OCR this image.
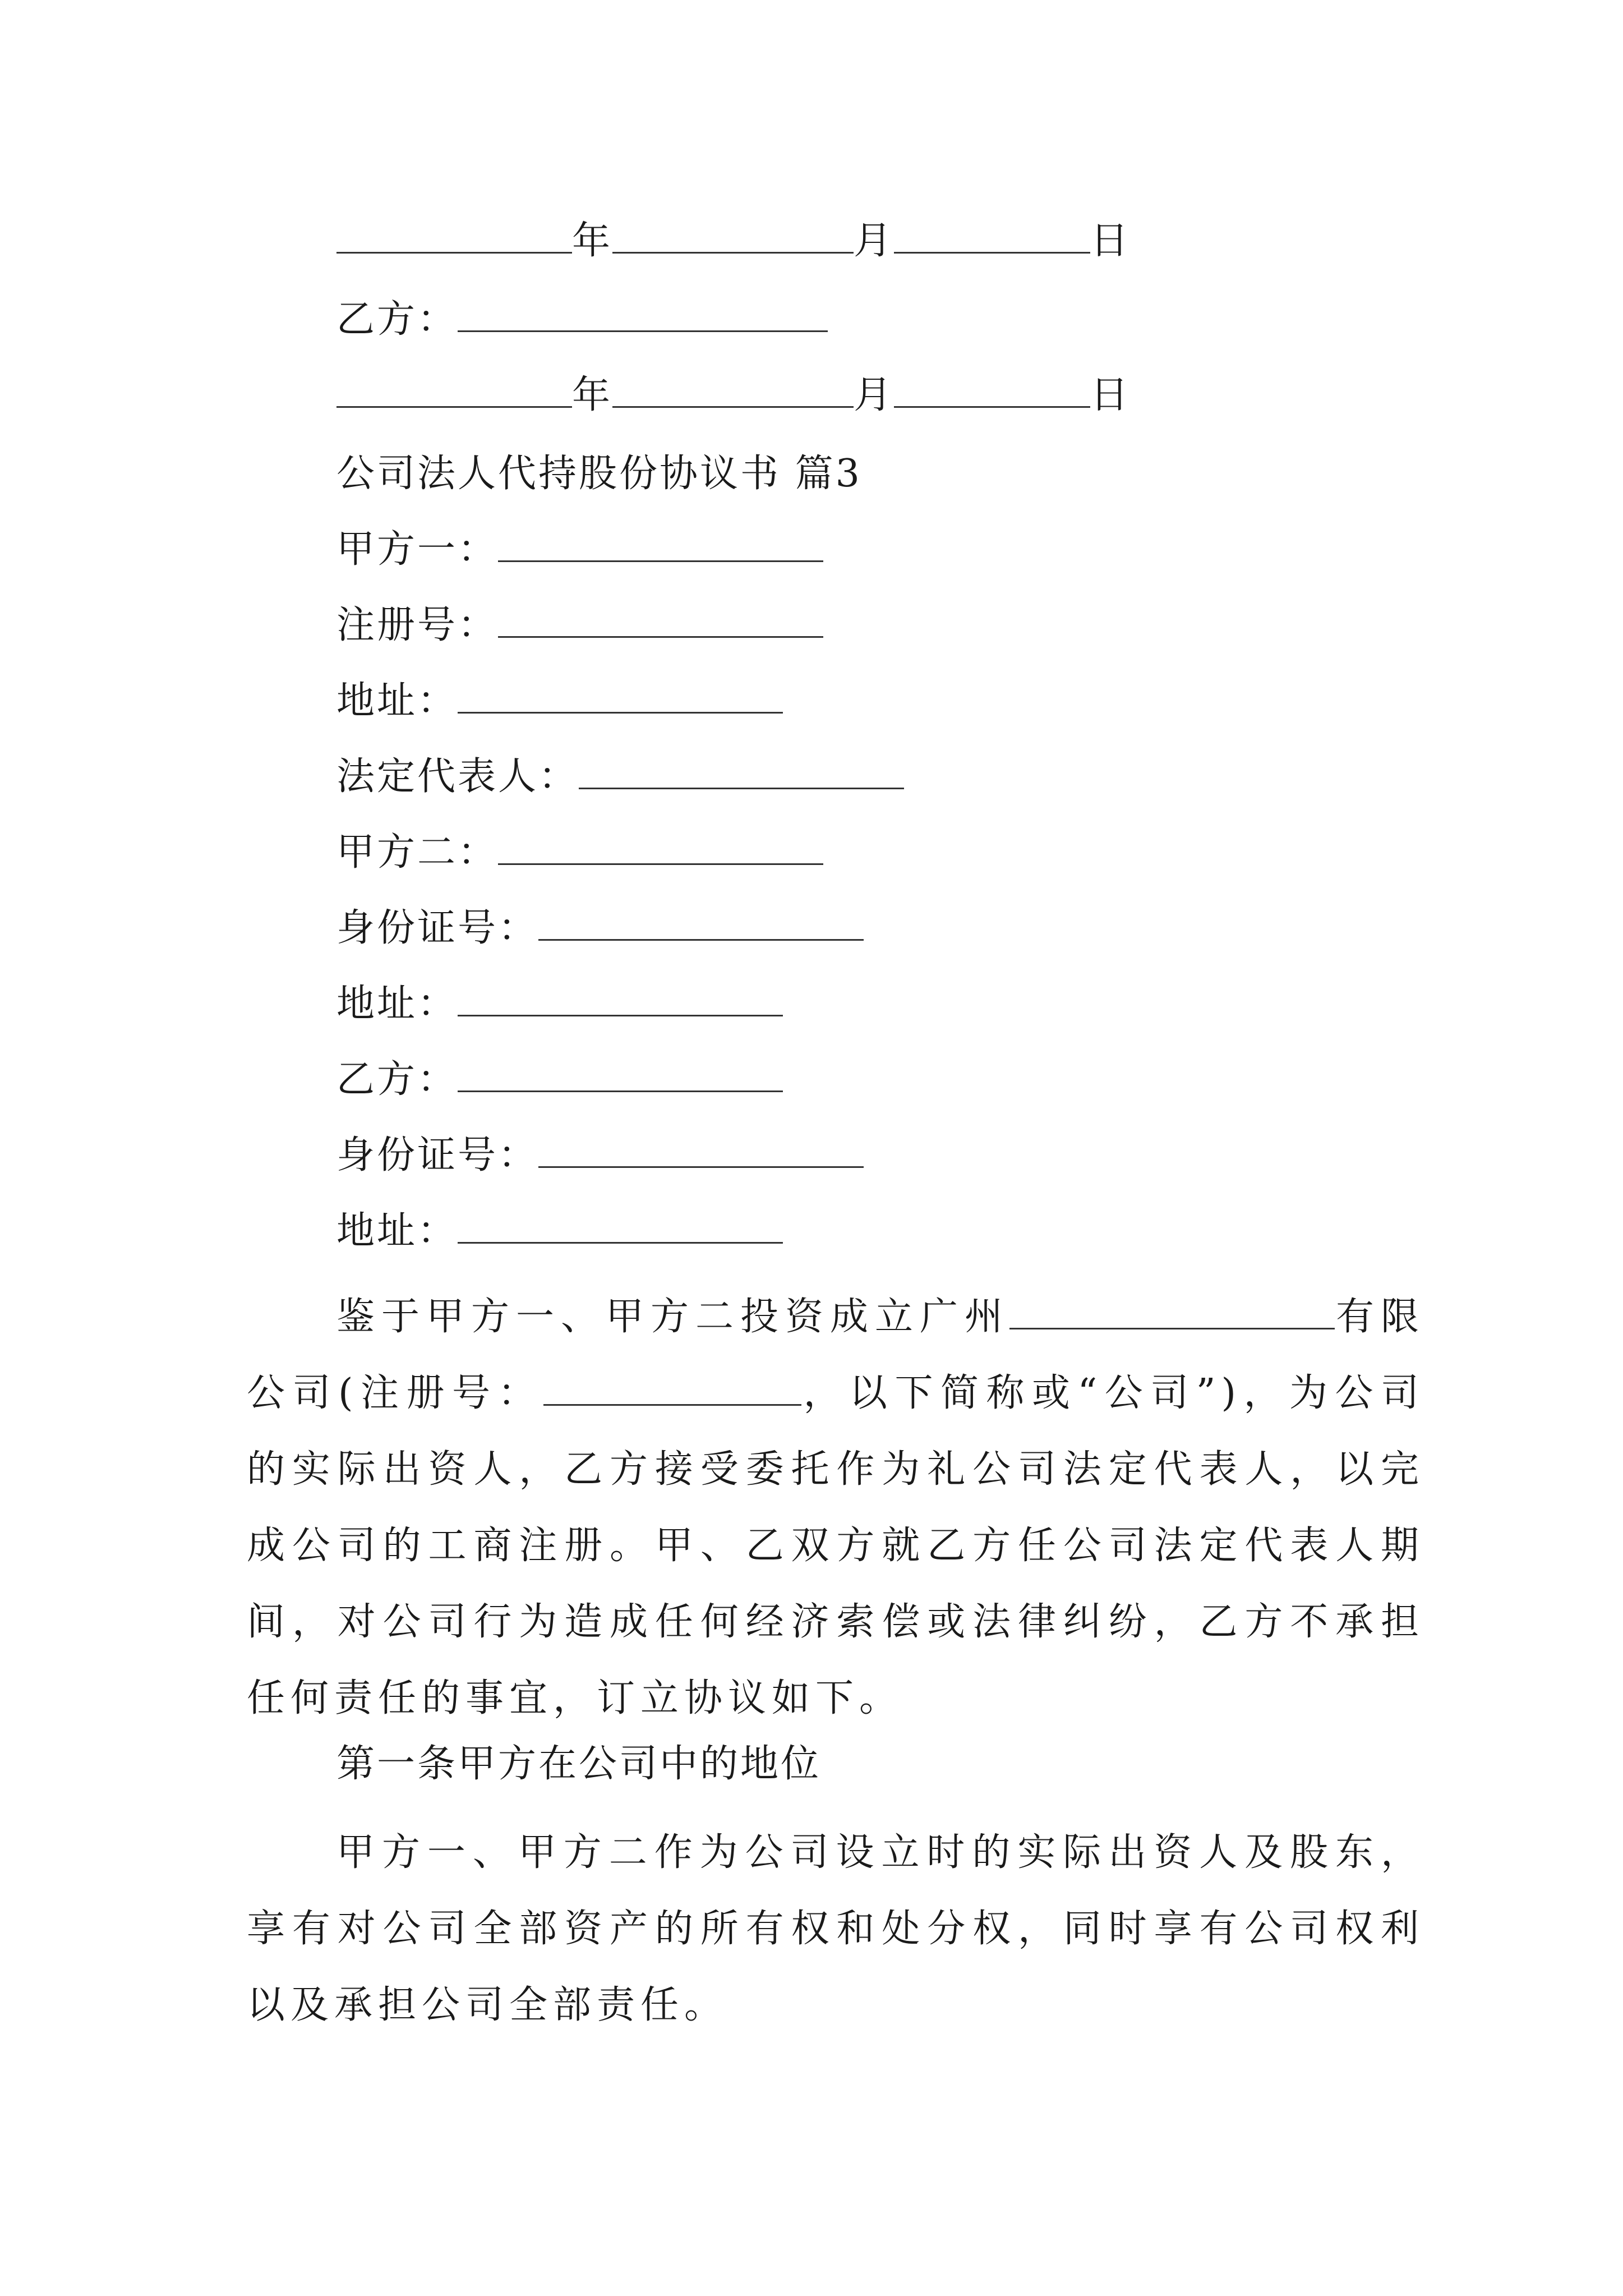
年	月	日
乙方：
年	月	日
公司法人代持股份协议书 篇3
甲方一：
注册号：
地址：
法定代表人：
甲方二：
身份证号：
地址：
乙方：
身份证号：
地址：
鉴于甲方一、甲方二投资成立广州	有限公司(注册号：	，以下简称或“公司”)，为公司的实际出资人，乙方接受委托作为礼公司法定代表人，以完成公司的工商注册。甲、乙双方就乙方任公司法定代表人期间，对公司行为造成任何经济索偿或法律纠纷，乙方不承担任何责任的事宜，订立协议如下。
第一条甲方在公司中的地位
甲方一、甲方二作为公司设立时的实际出资人及股东，享有对公司全部资产的所有权和处分权，同时享有公司权利以及承担公司全部责任。
